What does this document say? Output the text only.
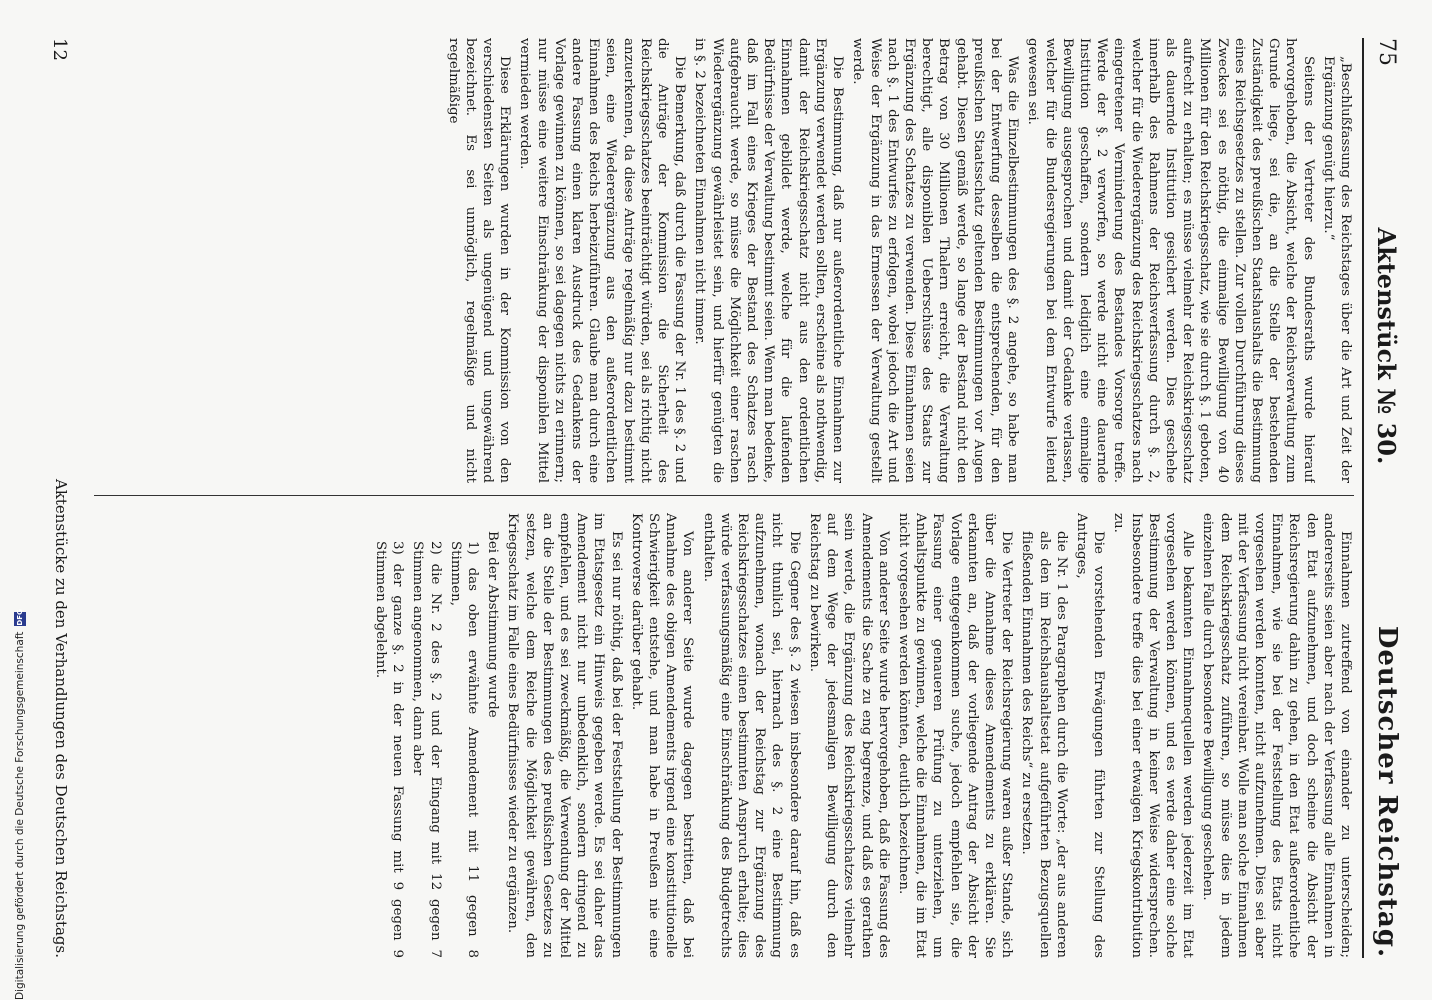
75
Aktenstück № 30.
Deutscher Reichstag.

„Beschlußfassung des Reichstages über die Art und Zeit der Ergänzung genügt hierzu.“

Seitens der Vertreter des Bundesraths wurde hierauf hervorgehoben, die Absicht, welche der Reichsverwaltung zum Grunde liege, sei die, an die Stelle der bestehenden Zuständigkeit des preußischen Staatshaushalts die Bestimmung eines Reichsgesetzes zu stellen. Zur vollen Durchführung dieses Zweckes sei es nöthig, die einmalige Bewilligung von 40 Millionen für den Reichskriegsschatz, wie sie durch §. 1 geboten, aufrecht zu erhalten; es müsse vielmehr der Reichskriegsschatz als dauernde Institution gesichert werden. Dies geschehe innerhalb des Rahmens der Reichsverfassung durch §. 2, welcher für die Wiederergänzung des Reichskriegsschatzes nach eingetretener Verminderung des Bestandes Vorsorge treffe. Werde der §. 2 verworfen, so werde nicht eine dauernde Institution geschaffen, sondern lediglich eine einmalige Bewilligung ausgesprochen und damit der Gedanke verlassen, welcher für die Bundesregierungen bei dem Entwurfe leitend gewesen sei.

Was die Einzelbestimmungen des §. 2 angehe, so habe man bei der Entwerfung desselben die entsprechenden, für den preußischen Staatsschatz geltenden Bestimmungen vor Augen gehabt. Diesen gemäß werde, so lange der Bestand nicht den Betrag von 30 Millionen Thalern erreicht, die Verwaltung berechtigt, alle disponiblen Ueberschüsse des Staats zur Ergänzung des Schatzes zu verwenden. Diese Einnahmen seien nach §. 1 des Entwurfes zu erfolgen, wobei jedoch die Art und Weise der Ergänzung in das Ermessen der Verwaltung gestellt werde.

Die Bestimmung, daß nur außerordentliche Einnahmen zur Ergänzung verwendet werden sollten, erscheine als nothwendig, damit der Reichskriegsschatz nicht aus den ordentlichen Einnahmen gebildet werde, welche für die laufenden Bedürfnisse der Verwaltung bestimmt seien. Wenn man bedenke, daß im Fall eines Krieges der Bestand des Schatzes rasch aufgebraucht werde, so müsse die Möglichkeit einer raschen Wiederergänzung gewährleistet sein, und hierfür genügten die in §. 2 bezeichneten Einnahmen nicht immer.

Die Bemerkung, daß durch die Fassung der Nr. 1 des §. 2 und die Anträge der Kommission die Sicherheit des Reichskriegsschatzes beeinträchtigt würden, sei als richtig nicht anzuerkennen, da diese Anträge regelmäßig nur dazu bestimmt seien, eine Wiederergänzung aus den außerordentlichen Einnahmen des Reichs herbeizuführen. Glaube man durch eine andere Fassung einen klaren Ausdruck des Gedankens der Vorlage gewinnen zu können, so sei dagegen nichts zu erinnern; nur müsse eine weitere Einschränkung der disponiblen Mittel vermieden werden.

Diese Erklärungen wurden in der Kommission von den verschiedensten Seiten als ungenügend und ungewährend bezeichnet. Es sei unmöglich, regelmäßige und nicht regelmäßige

Einnahmen zutreffend von einander zu unterscheiden; andererseits seien aber nach der Verfassung alle Einnahmen in den Etat aufzunehmen, und doch scheine die Absicht der Reichsregierung dahin zu gehen, in den Etat außerordentliche Einnahmen, wie sie bei der Feststellung des Etats nicht vorgesehen werden konnten, nicht aufzunehmen. Dies sei aber mit der Verfassung nicht vereinbar. Wolle man solche Einnahmen dem Reichskriegsschatz zuführen, so müsse dies in jedem einzelnen Falle durch besondere Bewilligung geschehen.

Alle bekannten Einnahmequellen werden jederzeit im Etat vorgesehen werden können, und es werde daher eine solche Bestimmung der Verwaltung in keiner Weise widersprechen. Insbesondere treffe dies bei einer etwaigen Kriegskontribution zu.

Die vorstehenden Erwägungen führten zur Stellung des Antrages,

die Nr. 1 des Paragraphen durch die Worte: „der aus anderen als den im Reichshaushaltsetat aufgeführten Bezugsquellen fließenden Einnahmen des Reichs“ zu ersetzen.

Die Vertreter der Reichsregierung waren außer Stande, sich über die Annahme dieses Amendements zu erklären. Sie erkannten an, daß der vorliegende Antrag der Absicht der Vorlage entgegenkommen suche, jedoch empfehlen sie, die Fassung einer genaueren Prüfung zu unterziehen, um Anhaltspunkte zu gewinnen, welche die Einnahmen, die im Etat nicht vorgesehen werden könnten, deutlich bezeichnen.

Von anderer Seite wurde hervorgehoben, daß die Fassung des Amendements die Sache zu eng begrenze, und daß es gerathen sein werde, die Ergänzung des Reichskriegsschatzes vielmehr auf dem Wege der jedesmaligen Bewilligung durch den Reichstag zu bewirken.

Die Gegner des §. 2 wiesen insbesondere darauf hin, daß es nicht thunlich sei, hiernach des §. 2 eine Bestimmung aufzunehmen, wonach der Reichstag zur Ergänzung des Reichskriegsschatzes einen bestimmten Anspruch erhalte; dies würde verfassungsmäßig eine Einschränkung des Budgetrechts enthalten.

Von anderer Seite wurde dagegen bestritten, daß bei Annahme des obigen Amendements irgend eine konstitutionelle Schwierigkeit entstehe, und man habe in Preußen nie eine Kontroverse darüber gehabt.

Es sei nur nöthig, daß bei der Feststellung der Bestimmungen im Etatsgesetz ein Hinweis gegeben werde. Es sei daher das Amendement nicht nur unbedenklich, sondern dringend zu empfehlen, und es sei zweckmäßig, die Verwendung der Mittel an die Stelle der Bestimmungen des preußischen Gesetzes zu setzen, welche dem Reiche die Möglichkeit gewähren, den Kriegsschatz im Falle eines Bedürfnisses wieder zu ergänzen.

Bei der Abstimmung wurde

1) das oben erwähnte Amendement mit 11 gegen 8 Stimmen,

2) die Nr. 2 des §. 2 und der Eingang mit 12 gegen 7 Stimmen angenommen, dann aber

3) der ganze §. 2 in der neuen Fassung mit 9 gegen 9 Stimmen abgelehnt.

12
Aktenstücke zu den Verhandlungen des Deutschen Reichstags.
Digitalisierung gefördert durch die Deutsche Forschungsgemeinschaft
DFG
